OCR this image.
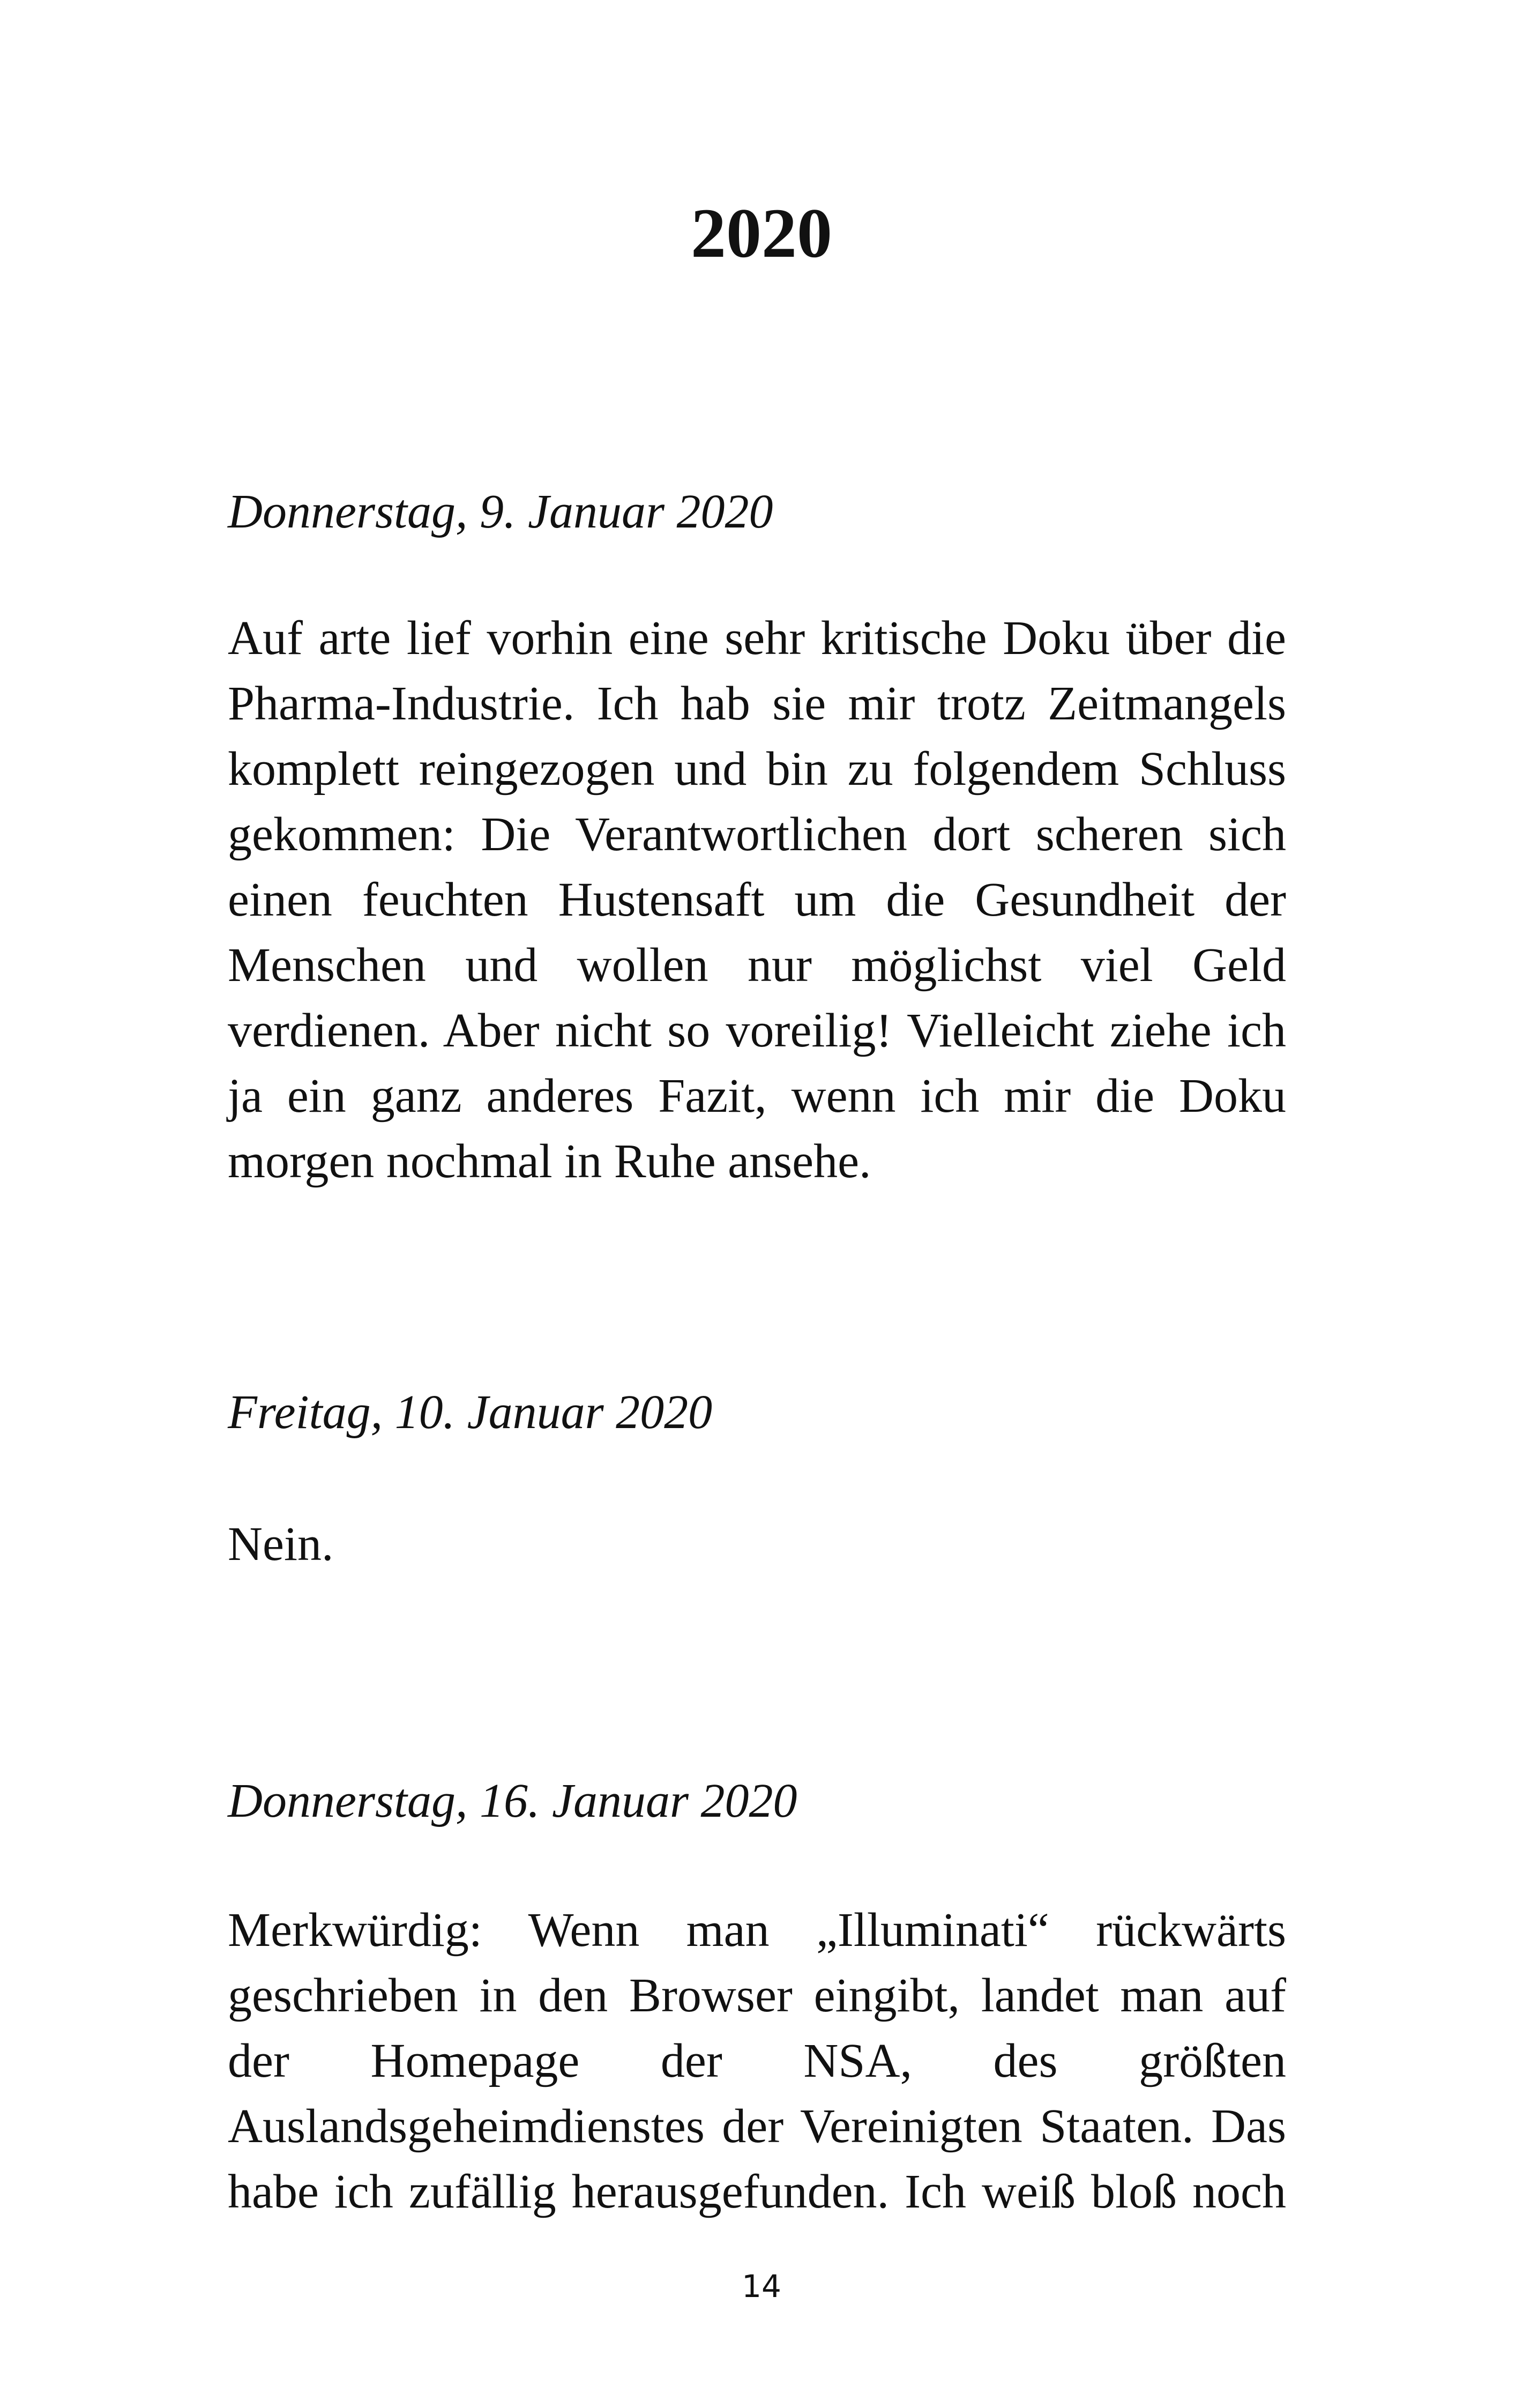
2020

Donnerstag, 9. Januar 2020

Auf arte lief vorhin eine sehr kritische Doku über die
Pharma-Industrie. Ich hab sie mir trotz Zeitmangels
komplett reingezogen und bin zu folgendem Schluss
gekommen: Die Verantwortlichen dort scheren sich
einen feuchten Hustensaft um die Gesundheit der
Menschen und wollen nur möglichst viel Geld
verdienen. Aber nicht so voreilig! Vielleicht ziehe ich
ja ein ganz anderes Fazit, wenn ich mir die Doku
morgen nochmal in Ruhe ansehe.

Freitag, 10. Januar 2020

Nein.

Donnerstag, 16. Januar 2020

Merkwürdig: Wenn man „Illuminati“ rückwärts
geschrieben in den Browser eingibt, landet man auf
der Homepage der NSA, des größten
Auslandsgeheimdienstes der Vereinigten Staaten. Das
habe ich zufällig herausgefunden. Ich weiß bloß noch

14
